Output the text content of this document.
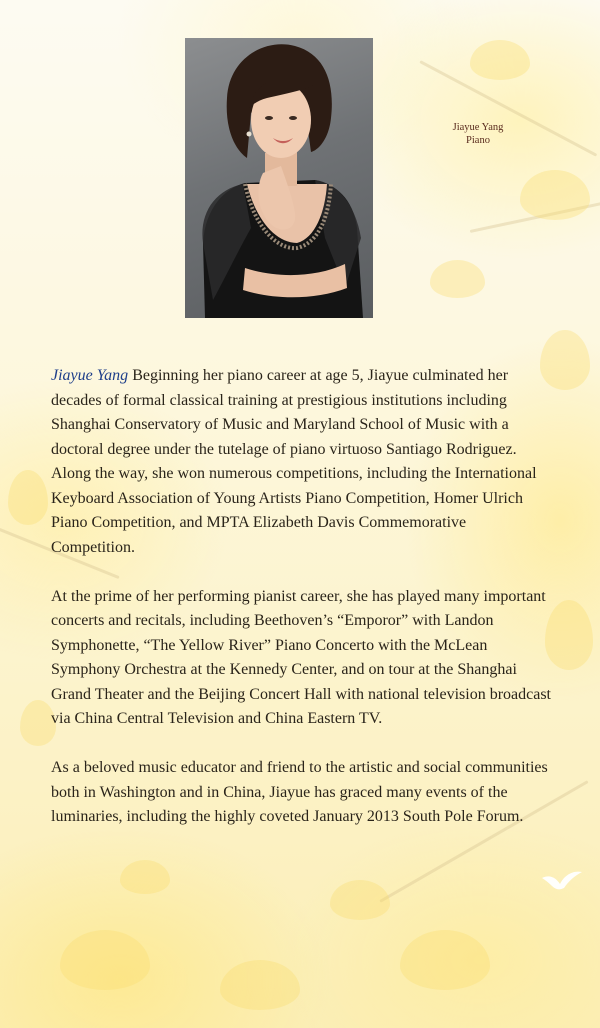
Jiayue Yang
Piano

Jiayue Yang Beginning her piano career at age 5, Jiayue culminated her decades of formal classical training at prestigious institutions including Shanghai Conservatory of Music and Maryland School of Music with a doctoral degree under the tutelage of piano virtuoso Santiago Rodriguez. Along the way, she won numerous competitions, including the International Keyboard Association of Young Artists Piano Competition, Homer Ulrich Piano Competition, and MPTA Elizabeth Davis Commemorative Competition.

At the prime of her performing pianist career, she has played many important concerts and recitals, including Beethoven’s “Emporor” with Landon Symphonette, “The Yellow River” Piano Concerto with the McLean Symphony Orchestra at the Kennedy Center, and on tour at the Shanghai Grand Theater and the Beijing Concert Hall with national television broadcast via China Central Television and China Eastern TV.

As a beloved music educator and friend to the artistic and social communities both in Washington and in China, Jiayue has graced many events of the luminaries, including the highly coveted January 2013 South Pole Forum.
